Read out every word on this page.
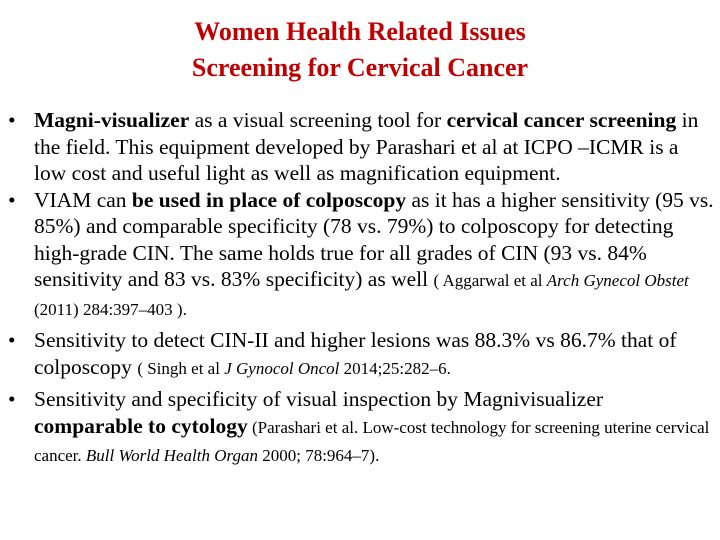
Women Health Related Issues
Screening for Cervical Cancer
• Magni-visualizer as a visual screening tool for cervical cancer screening in the field. This equipment developed by Parashari et al at ICPO –ICMR is a low cost and useful light as well as magnification equipment.
• VIAM can be used in place of colposcopy as it has a higher sensitivity (95 vs. 85%) and comparable specificity (78 vs. 79%) to colposcopy for detecting high-grade CIN. The same holds true for all grades of CIN (93 vs. 84% sensitivity and 83 vs. 83% specificity) as well ( Aggarwal et al Arch Gynecol Obstet (2011) 284:397–403 ).
• Sensitivity to detect CIN-II and higher lesions was 88.3% vs 86.7% that of colposcopy ( Singh et al J Gynocol Oncol 2014;25:282–6.
• Sensitivity and specificity of visual inspection by Magnivisualizer comparable to cytology (Parashari et al. Low-cost technology for screening uterine cervical cancer. Bull World Health Organ 2000; 78:964–7).
